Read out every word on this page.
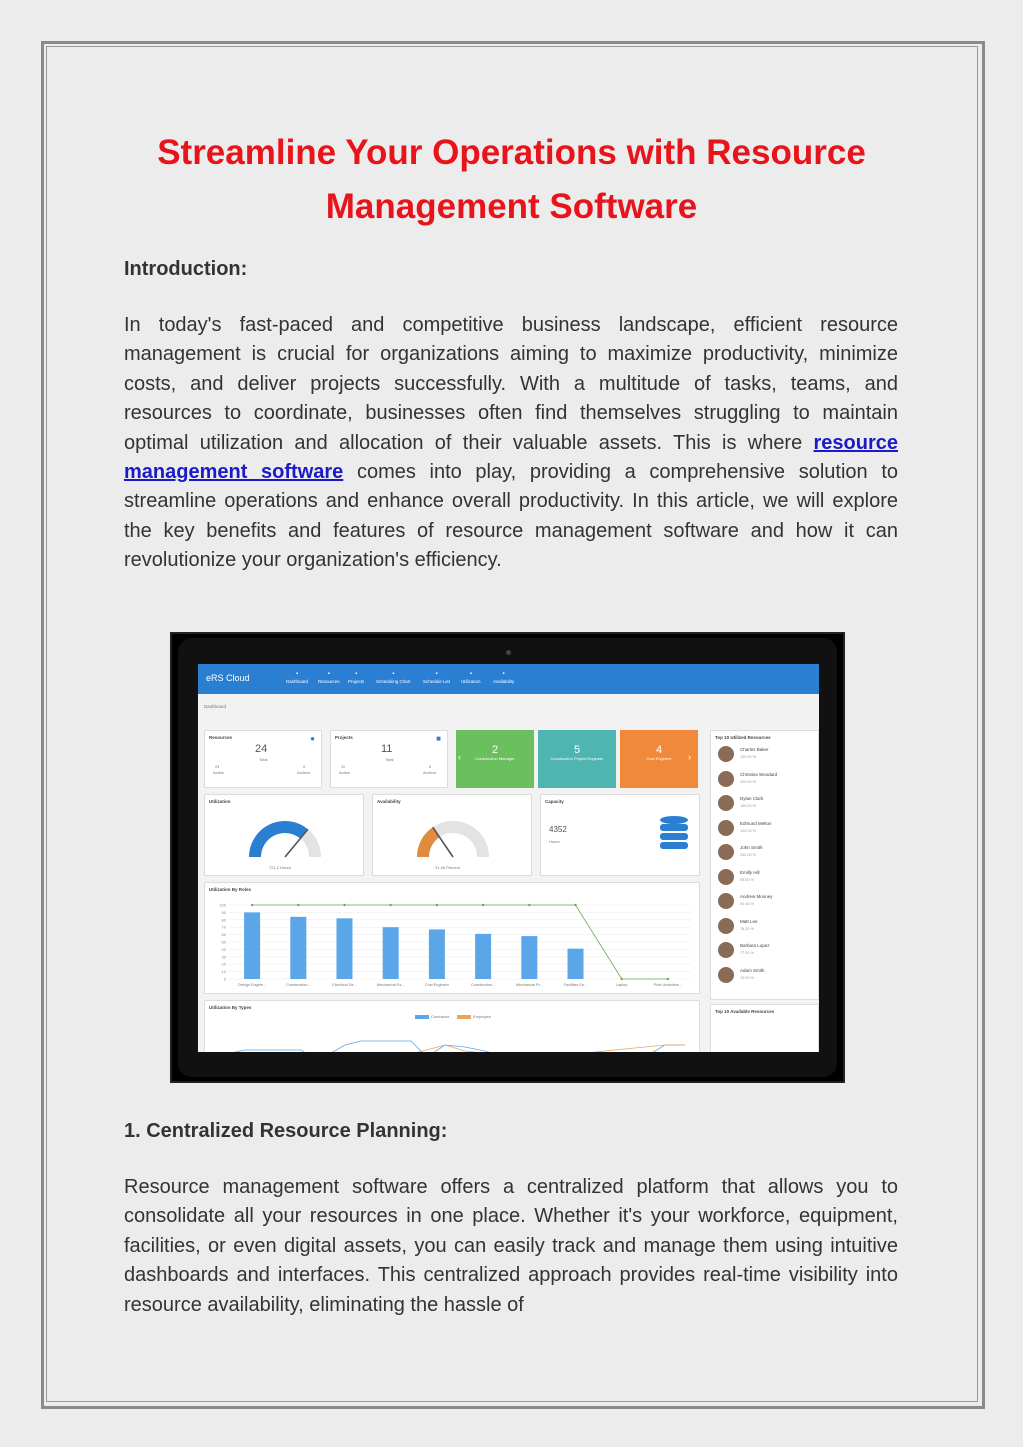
Streamline Your Operations with Resource
Management Software
Introduction:

In today's fast-paced and competitive business landscape, efficient resource management is crucial for organizations aiming to maximize productivity, minimize costs, and deliver projects successfully. With a multitude of tasks, teams, and resources to coordinate, businesses often find themselves struggling to maintain optimal utilization and allocation of their valuable assets. This is where resource management software comes into play, providing a comprehensive solution to streamline operations and enhance overall productivity. In this article, we will explore the key benefits and features of resource management software and how it can revolutionize your organization's efficiency.

eRS Cloud	▪
Dashboard
▪
Resources
▪
Projects
▪
Scheduling Chart
▪
Schedule List
▪
Utilization
▪
Availability
Dashboard
Resources	●
24
Total
24
Active
0
Archive
Projects	■
11
Total
11
Active
0
Archive
2
Construction Manager
5
Construction Project Engineer
4
Cost Engineer
‹	›
Utilization
721.2 Hours
Availability
31.46 Percent
Capacity
4352
Hours
Utilization By Roles
0
10
20
30
40
50
60
70
80
90
100
Design Engine...	Construction...	Electrical De...	Mechanical Es...	Cost Engineer	Construction...	Mechanical Pr...	Facilities En...	Laptop	Pole Underline...
Utilization By Types
Contractor	Employee
Top 10 Utilized Resources
Charles Baker
100.00 %
Christina Woodard
100.00 %
Dylan Clark
100.00 %
Edmund Melton
100.00 %
John Smith
100.00 %
Emilly Hill
95.00 %
Andrew Mooney
90.46 %
Matt Lee
78.20 %
Barbara Lopez
77.30 %
Adam Smith
70.00 %
Top 10 Available Resources
1. Centralized Resource Planning:

Resource management software offers a centralized platform that allows you to consolidate all your resources in one place. Whether it's your workforce, equipment, facilities, or even digital assets, you can easily track and manage them using intuitive dashboards and interfaces. This centralized approach provides real-time visibility into resource availability, eliminating the hassle of
